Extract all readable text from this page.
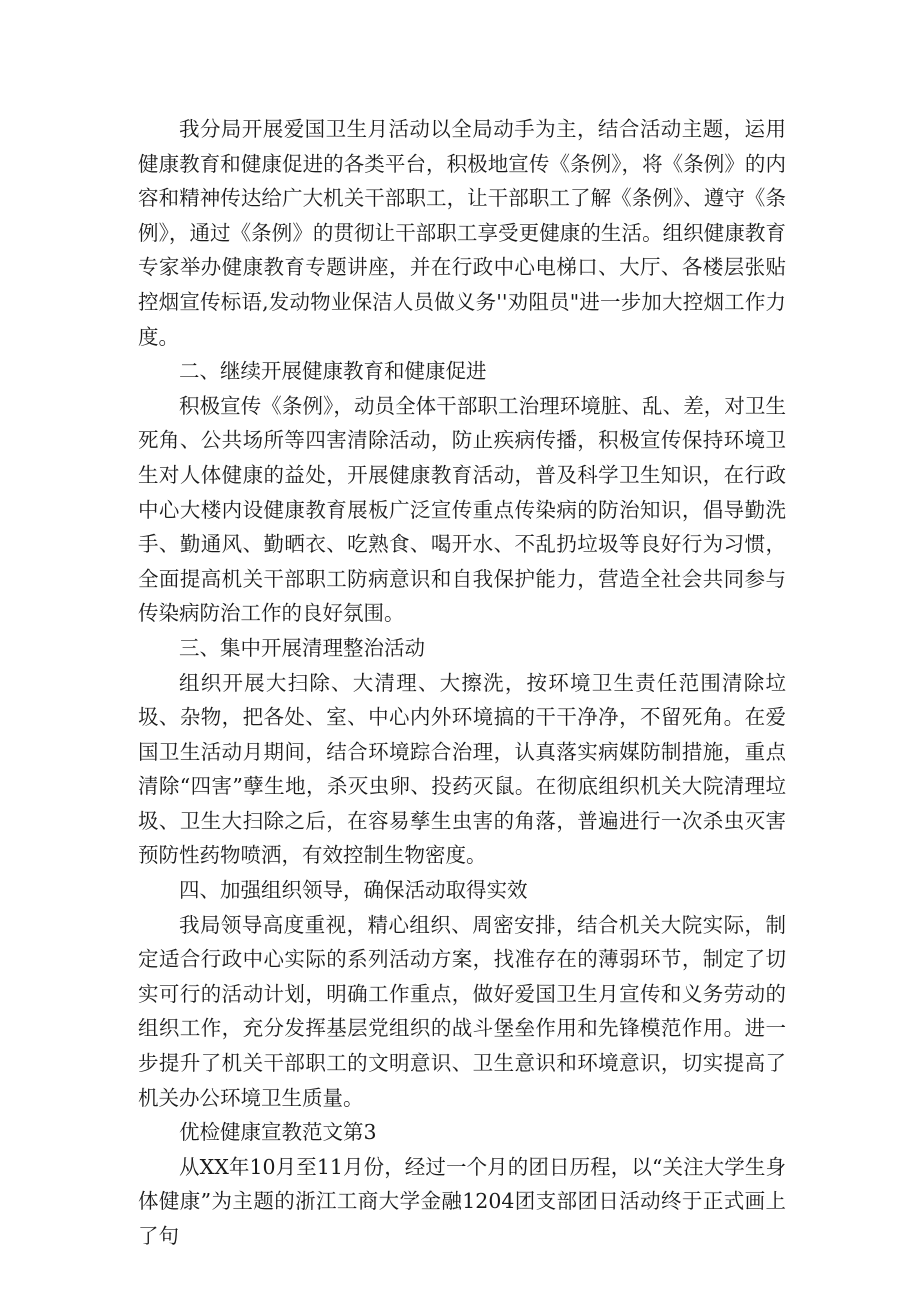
我分局开展爱国卫生月活动以全局动手为主，结合活动主题，运用健康教育和健康促进的各类平台，积极地宣传《条例》，将《条例》的内容和精神传达给广大机关干部职工，让干部职工了解《条例》、遵守《条例》，通过《条例》的贯彻让干部职工享受更健康的生活。组织健康教育专家举办健康教育专题讲座，并在行政中心电梯口、大厅、各楼层张贴控烟宣传标语,发动物业保洁人员做义务''劝阻员"进一步加大控烟工作力度。

二、继续开展健康教育和健康促进

积极宣传《条例》，动员全体干部职工治理环境脏、乱、差，对卫生死角、公共场所等四害清除活动，防止疾病传播，积极宣传保持环境卫生对人体健康的益处，开展健康教育活动，普及科学卫生知识，在行政中心大楼内设健康教育展板广泛宣传重点传染病的防治知识，倡导勤洗手、勤通风、勤晒衣、吃熟食、喝开水、不乱扔垃圾等良好行为习惯，全面提高机关干部职工防病意识和自我保护能力，营造全社会共同参与传染病防治工作的良好氛围。

三、集中开展清理整治活动

组织开展大扫除、大清理、大擦洗，按环境卫生责任范围清除垃圾、杂物，把各处、室、中心内外环境搞的干干净净，不留死角。在爱国卫生活动月期间，结合环境踪合治理，认真落实病媒防制措施，重点清除“四害”孽生地，杀灭虫卵、投药灭鼠。在彻底组织机关大院清理垃圾、卫生大扫除之后，在容易孳生虫害的角落，普遍进行一次杀虫灭害预防性药物喷洒，有效控制生物密度。

四、加强组织领导，确保活动取得实效

我局领导高度重视，精心组织、周密安排，结合机关大院实际，制定适合行政中心实际的系列活动方案，找准存在的薄弱环节，制定了切实可行的活动计划，明确工作重点，做好爱国卫生月宣传和义务劳动的组织工作，充分发挥基层党组织的战斗堡垒作用和先锋模范作用。进一步提升了机关干部职工的文明意识、卫生意识和环境意识，切实提高了机关办公环境卫生质量。

优检健康宣教范文第3

从XX年10月至11月份，经过一个月的团日历程，以“关注大学生身体健康”为主题的浙江工商大学金融1204团支部团日活动终于正式画上了句
